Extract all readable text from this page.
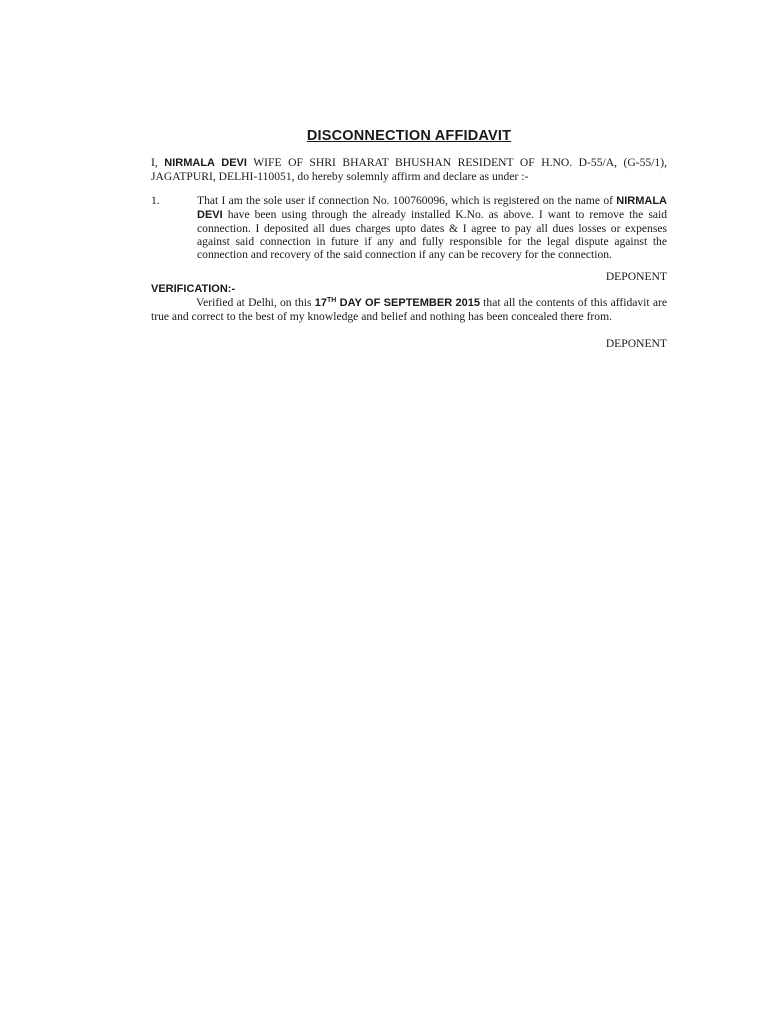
DISCONNECTION AFFIDAVIT

I, NIRMALA DEVI WIFE OF SHRI BHARAT BHUSHAN RESIDENT OF H.NO. D-55/A, (G-55/1), JAGATPURI, DELHI-110051, do hereby solemnly affirm and declare as under :-

1.	That I am the sole user if connection No. 100760096, which is registered on the name of NIRMALA DEVI have been using through the already installed K.No. as above. I want to remove the said connection. I deposited all dues charges upto dates & I agree to pay all dues losses or expenses against said connection in future if any and fully responsible for the legal dispute against the connection and recovery of the said connection if any can be recovery for the connection.

DEPONENT

VERIFICATION:-

Verified at Delhi, on this 17TH DAY OF SEPTEMBER 2015 that all the contents of this affidavit are true and correct to the best of my knowledge and belief and nothing has been concealed there from.

DEPONENT
